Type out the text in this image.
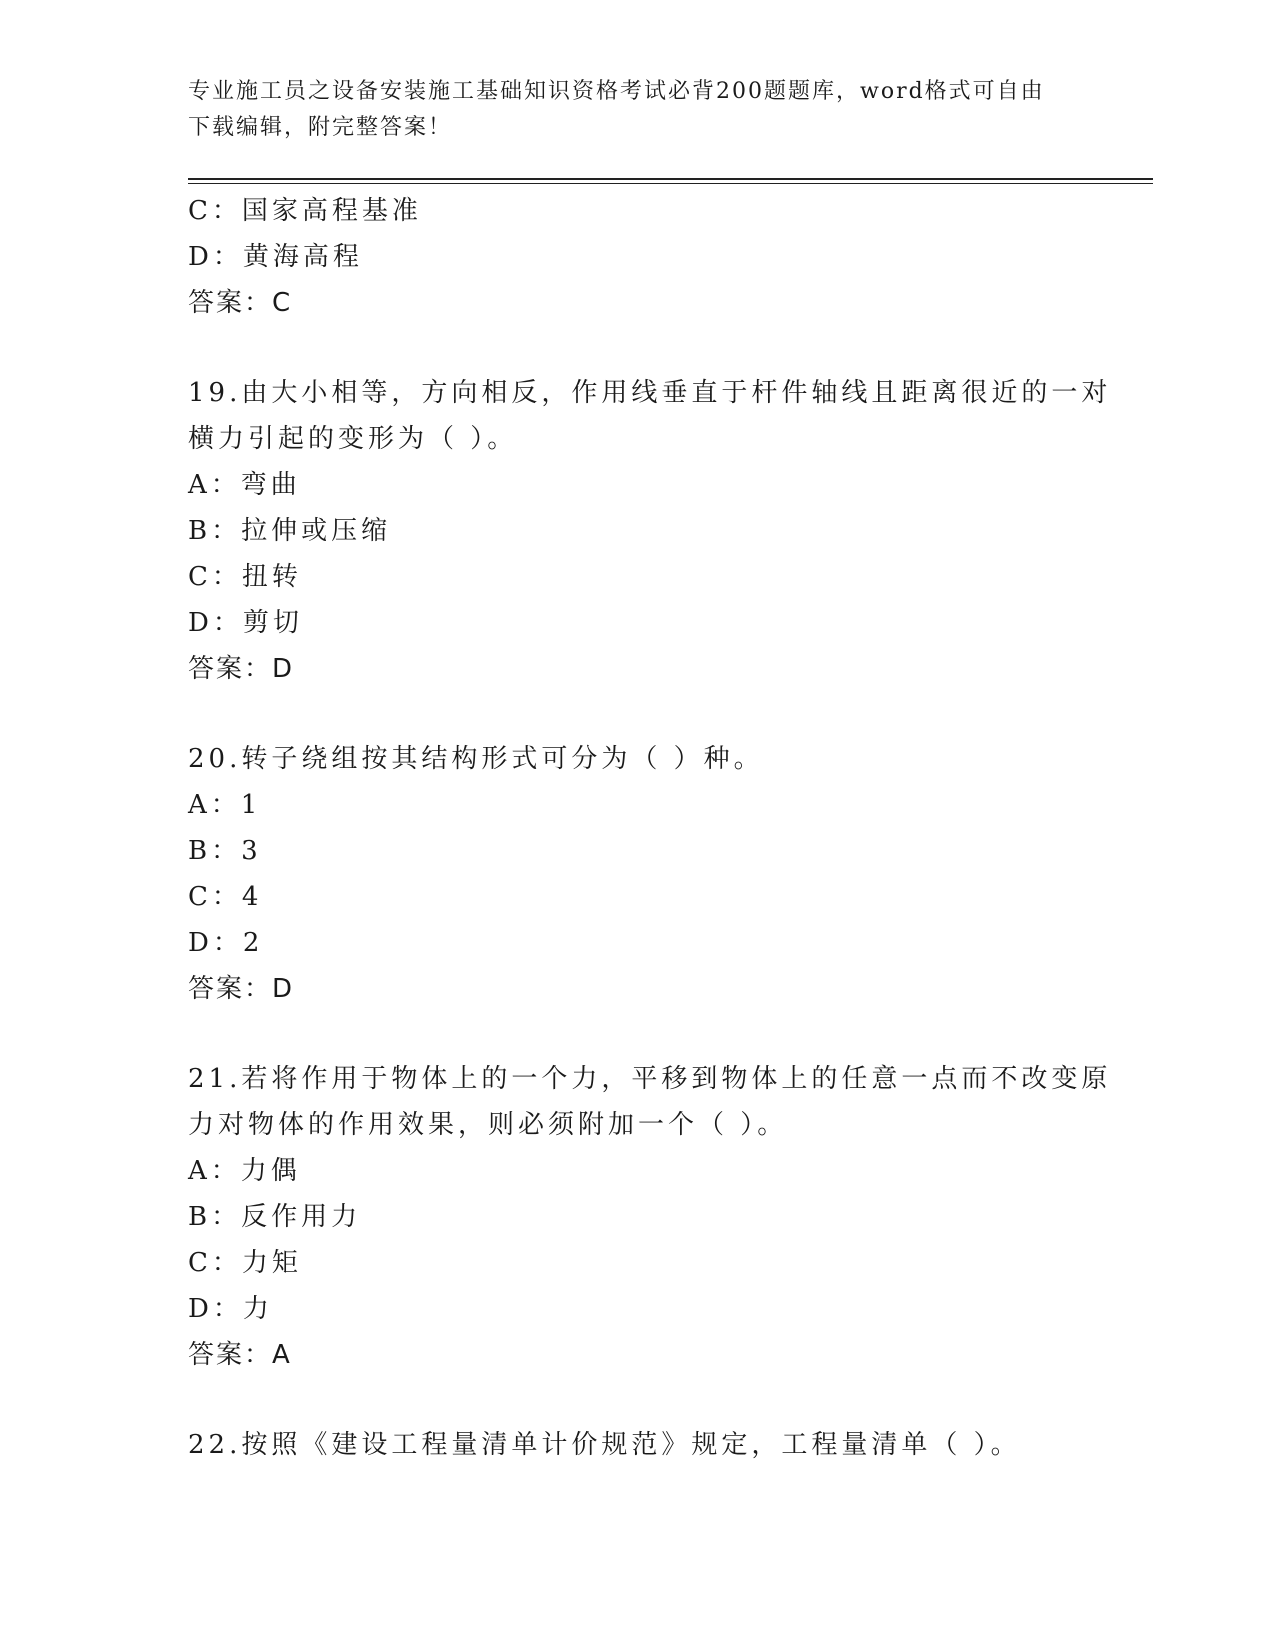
专业施工员之设备安装施工基础知识资格考试必背200题题库，word格式可自由
下载编辑，附完整答案！
C：国家高程基准
D：黄海高程
答案：C
19.由大小相等，方向相反，作用线垂直于杆件轴线且距离很近的一对
横力引起的变形为（ ）。
A：弯曲
B：拉伸或压缩
C：扭转
D：剪切
答案：D
20.转子绕组按其结构形式可分为（ ）种。
A：1
B：3
C：4
D：2
答案：D
21.若将作用于物体上的一个力，平移到物体上的任意一点而不改变原
力对物体的作用效果，则必须附加一个（ ）。
A：力偶
B：反作用力
C：力矩
D：力
答案：A
22.按照《建设工程量清单计价规范》规定，工程量清单（ ）。
